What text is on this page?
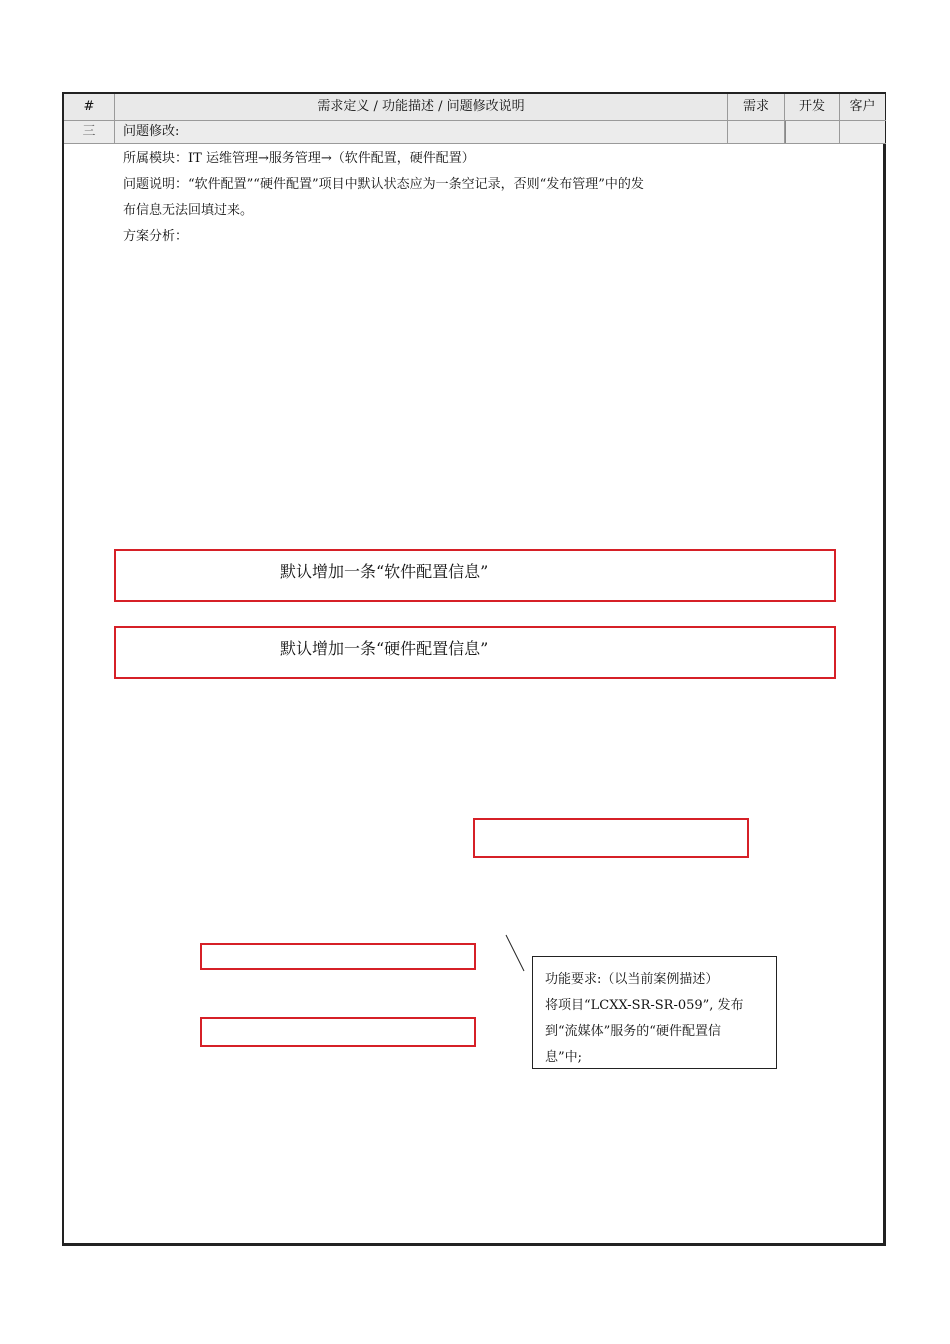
#	需求定义 / 功能描述 / 问题修改说明	需求	开发	客户
三	问题修改:
所属模块：IT 运维管理→服务管理→（软件配置，硬件配置）
问题说明：“软件配置”“硬件配置”项目中默认状态应为一条空记录，否则“发布管理”中的发
布信息无法回填过来。
方案分析：
默认增加一条“软件配置信息”
默认增加一条“硬件配置信息”
功能要求:（以当前案例描述）
将项目“LCXX-SR-SR-059”, 发布
到“流媒体”服务的“硬件配置信
息”中;
